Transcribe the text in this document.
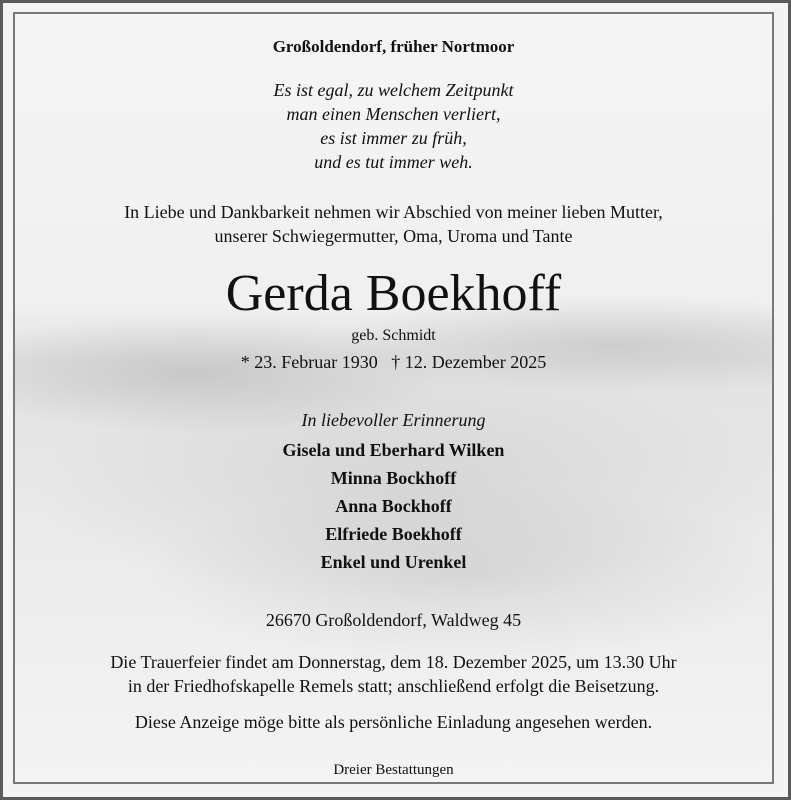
Großoldendorf, früher Nortmoor
Es ist egal, zu welchem Zeitpunkt
man einen Menschen verliert,
es ist immer zu früh,
und es tut immer weh.
In Liebe und Dankbarkeit nehmen wir Abschied von meiner lieben Mutter,
unserer Schwiegermutter, Oma, Uroma und Tante
Gerda Boekhoff
geb. Schmidt
* 23. Februar 1930   † 12. Dezember 2025
In liebevoller Erinnerung
Gisela und Eberhard Wilken
Minna Bockhoff
Anna Bockhoff
Elfriede Boekhoff
Enkel und Urenkel
26670 Großoldendorf, Waldweg 45
Die Trauerfeier findet am Donnerstag, dem 18. Dezember 2025, um 13.30 Uhr
in der Friedhofskapelle Remels statt; anschließend erfolgt die Beisetzung.
Diese Anzeige möge bitte als persönliche Einladung angesehen werden.
Dreier Bestattungen
